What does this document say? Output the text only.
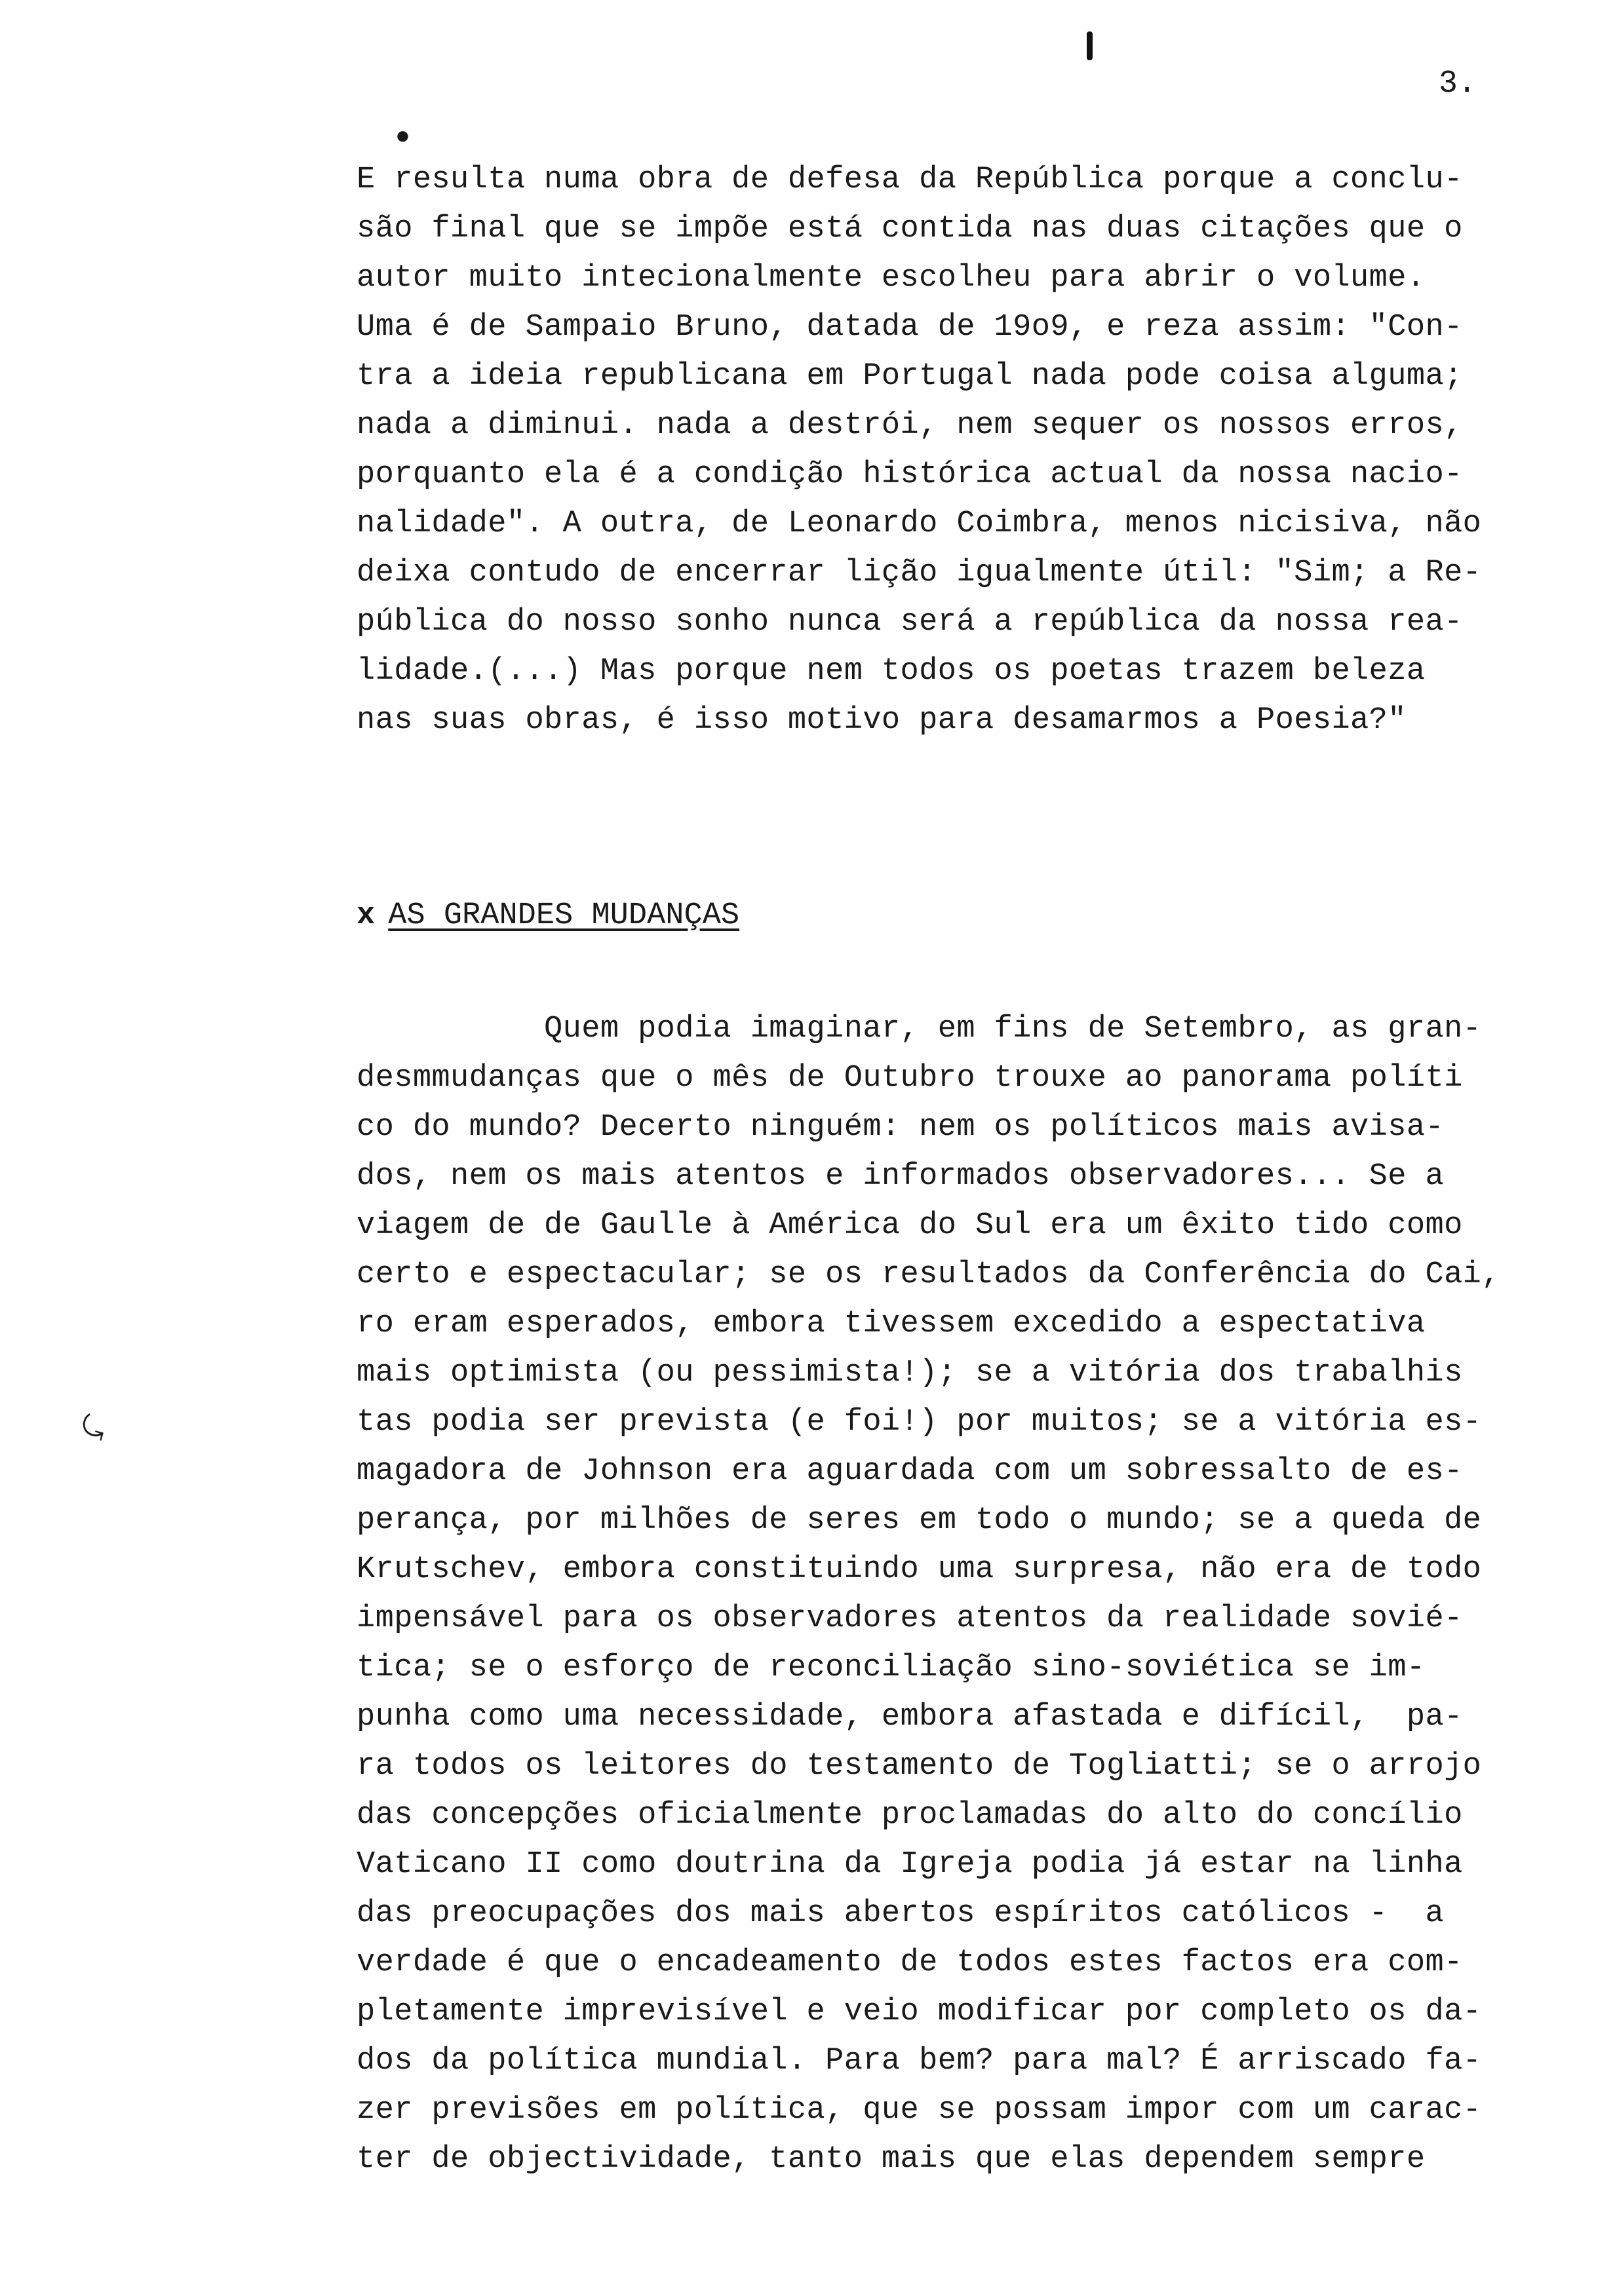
3.
●
⤹
E resulta numa obra de defesa da República porque a conclu-
são final que se impõe está contida nas duas citações que o
autor muito intecionalmente escolheu para abrir o volume.
Uma é de Sampaio Bruno, datada de 19o9, e reza assim: "Con-
tra a ideia republicana em Portugal nada pode coisa alguma;
nada a diminui. nada a destrói, nem sequer os nossos erros,
porquanto ela é a condição histórica actual da nossa nacio-
nalidade". A outra, de Leonardo Coimbra, menos nicisiva, não
deixa contudo de encerrar lição igualmente útil: "Sim; a Re-
pública do nosso sonho nunca será a república da nossa rea-
lidade.(...) Mas porque nem todos os poetas trazem beleza
nas suas obras, é isso motivo para desamarmos a Poesia?"
x AS GRANDES MUDANÇAS
Quem podia imaginar, em fins de Setembro, as gran-
desmmudanças que o mês de Outubro trouxe ao panorama políti
co do mundo? Decerto ninguém: nem os políticos mais avisa-
dos, nem os mais atentos e informados observadores... Se a
viagem de de Gaulle à América do Sul era um êxito tido como
certo e espectacular; se os resultados da Conferência do Cai,
ro eram esperados, embora tivessem excedido a espectativa
mais optimista (ou pessimista!); se a vitória dos trabalhis
tas podia ser prevista (e foi!) por muitos; se a vitória es-
magadora de Johnson era aguardada com um sobressalto de es-
perança, por milhões de seres em todo o mundo; se a queda de
Krutschev, embora constituindo uma surpresa, não era de todo
impensável para os observadores atentos da realidade sovié-
tica; se o esforço de reconciliação sino-soviética se im-
punha como uma necessidade, embora afastada e difícil,  pa-
ra todos os leitores do testamento de Togliatti; se o arrojo
das concepções oficialmente proclamadas do alto do concílio
Vaticano II como doutrina da Igreja podia já estar na linha
das preocupações dos mais abertos espíritos católicos -  a
verdade é que o encadeamento de todos estes factos era com-
pletamente imprevisível e veio modificar por completo os da-
dos da política mundial. Para bem? para mal? É arriscado fa-
zer previsões em política, que se possam impor com um carac-
ter de objectividade, tanto mais que elas dependem sempre
